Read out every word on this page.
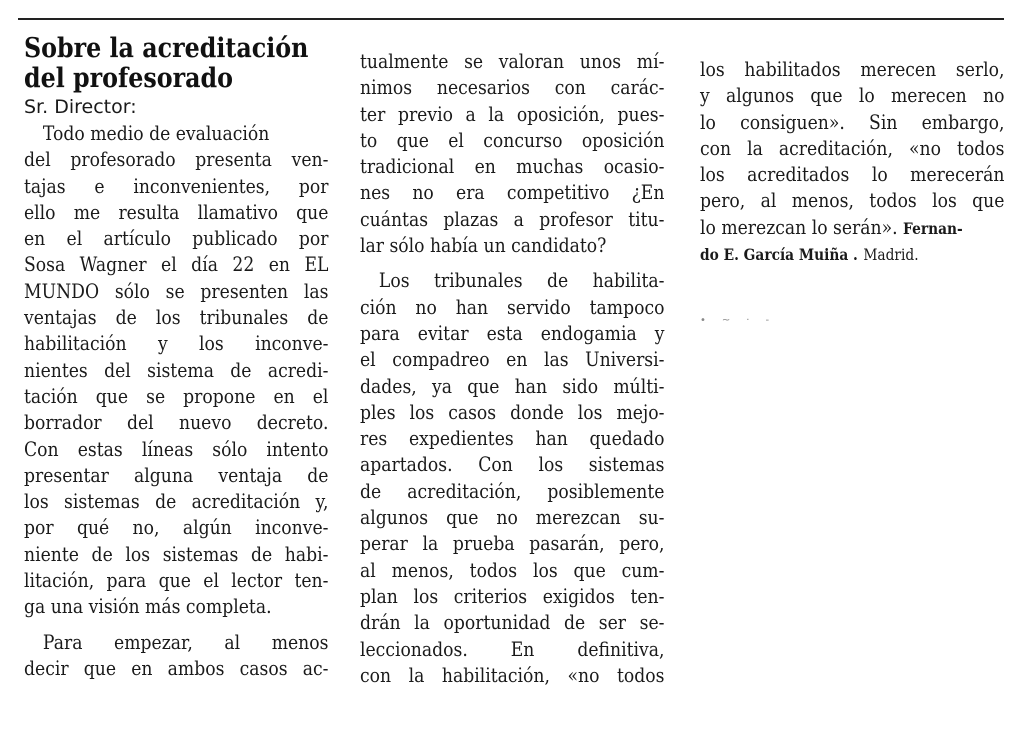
Sobre la acreditación
del profesorado

Sr. Director:

Todo medio de evaluación
del profesorado presenta ven-
tajas e inconvenientes, por
ello me resulta llamativo que
en el artículo publicado por
Sosa Wagner el día 22 en EL
MUNDO sólo se presenten las
ventajas de los tribunales de
habilitación y los inconve-
nientes del sistema de acredi-
tación que se propone en el
borrador del nuevo decreto.
Con estas líneas sólo intento
presentar alguna ventaja de
los sistemas de acreditación y,
por qué no, algún inconve-
niente de los sistemas de habi-
litación, para que el lector ten-
ga una visión más completa.
Para empezar, al menos
decir que en ambos casos ac-
tualmente se valoran unos mí-
nimos necesarios con carác-
ter previo a la oposición, pues-
to que el concurso oposición
tradicional en muchas ocasio-
nes no era competitivo ¿En
cuántas plazas a profesor titu-
lar sólo había un candidato?
Los tribunales de habilita-
ción no han servido tampoco
para evitar esta endogamia y
el compadreo en las Universi-
dades, ya que han sido múlti-
ples los casos donde los mejo-
res expedientes han quedado
apartados. Con los sistemas
de acreditación, posiblemente
algunos que no merezcan su-
perar la prueba pasarán, pero,
al menos, todos los que cum-
plan los criterios exigidos ten-
drán la oportunidad de ser se-
leccionados. En definitiva,
con la habilitación, «no todos
los habilitados merecen serlo,
y algunos que lo merecen no
lo consiguen». Sin embargo,
con la acreditación, «no todos
los acreditados lo merecerán
pero, al menos, todos los que
lo merezcan lo serán». Fernan-
do E. García Muiña . Madrid.
•~·-
